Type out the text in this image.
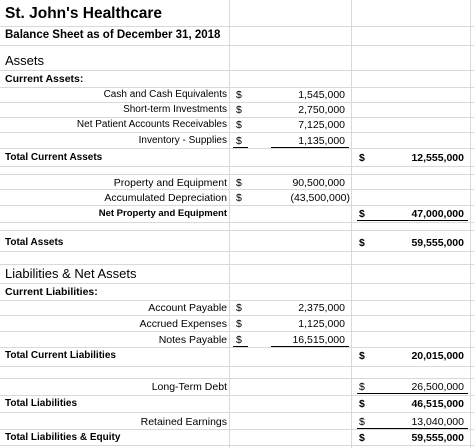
St. John's Healthcare
Balance Sheet as of December 31, 2018
Assets
Current Assets:
Cash and Cash Equivalents $	1,545,000
Short-term Investments $	2,750,000
Net Patient Accounts Receivables $	7,125,000
Inventory - Supplies $	1,135,000
Total Current Assets	$	12,555,000
Property and Equipment $	90,500,000
Accumulated Depreciation $	(43,500,000)
Net Property and Equipment	$	47,000,000
Total Assets	$	59,555,000
Liabilities & Net Assets
Current Liabilities:
Account Payable $	2,375,000
Accrued Expenses $	1,125,000
Notes Payable $	16,515,000
Total Current Liabilities	$	20,015,000
Long-Term Debt	$	26,500,000
Total Liabilities	$	46,515,000
Retained Earnings	$	13,040,000
Total Liabilities & Equity	$	59,555,000
